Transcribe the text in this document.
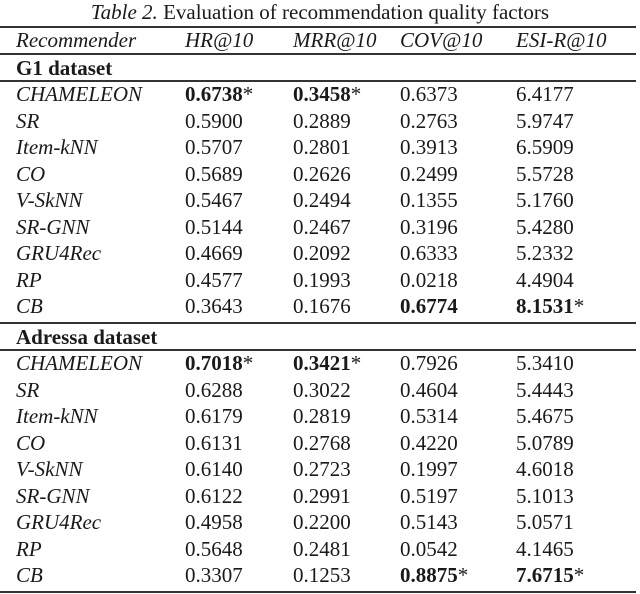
Table 2. Evaluation of recommendation quality factors
Recommender HR@10 MRR@10 COV@10 ESI-R@10
G1 dataset
CHAMELEON 0.6738* 0.3458* 0.6373	6.4177
SR	0.5900 0.2889 0.2763	5.9747
Item-kNN	0.5707 0.2801 0.3913	6.5909
CO	0.5689 0.2626 0.2499	5.5728
V-SkNN	0.5467 0.2494 0.1355	5.1760
SR-GNN	0.5144 0.2467 0.3196	5.4280
GRU4Rec	0.4669 0.2092 0.6333	5.2332
RP	0.4577 0.1993 0.0218	4.4904
CB	0.3643 0.1676 0.6774	8.1531*
Adressa dataset
CHAMELEON 0.7018* 0.3421* 0.7926	5.3410
SR	0.6288 0.3022 0.4604	5.4443
Item-kNN	0.6179 0.2819 0.5314	5.4675
CO	0.6131 0.2768 0.4220	5.0789
V-SkNN	0.6140 0.2723 0.1997	4.6018
SR-GNN	0.6122 0.2991 0.5197	5.1013
GRU4Rec	0.4958 0.2200 0.5143	5.0571
RP	0.5648 0.2481 0.0542	4.1465
CB	0.3307 0.1253 0.8875* 7.6715*
